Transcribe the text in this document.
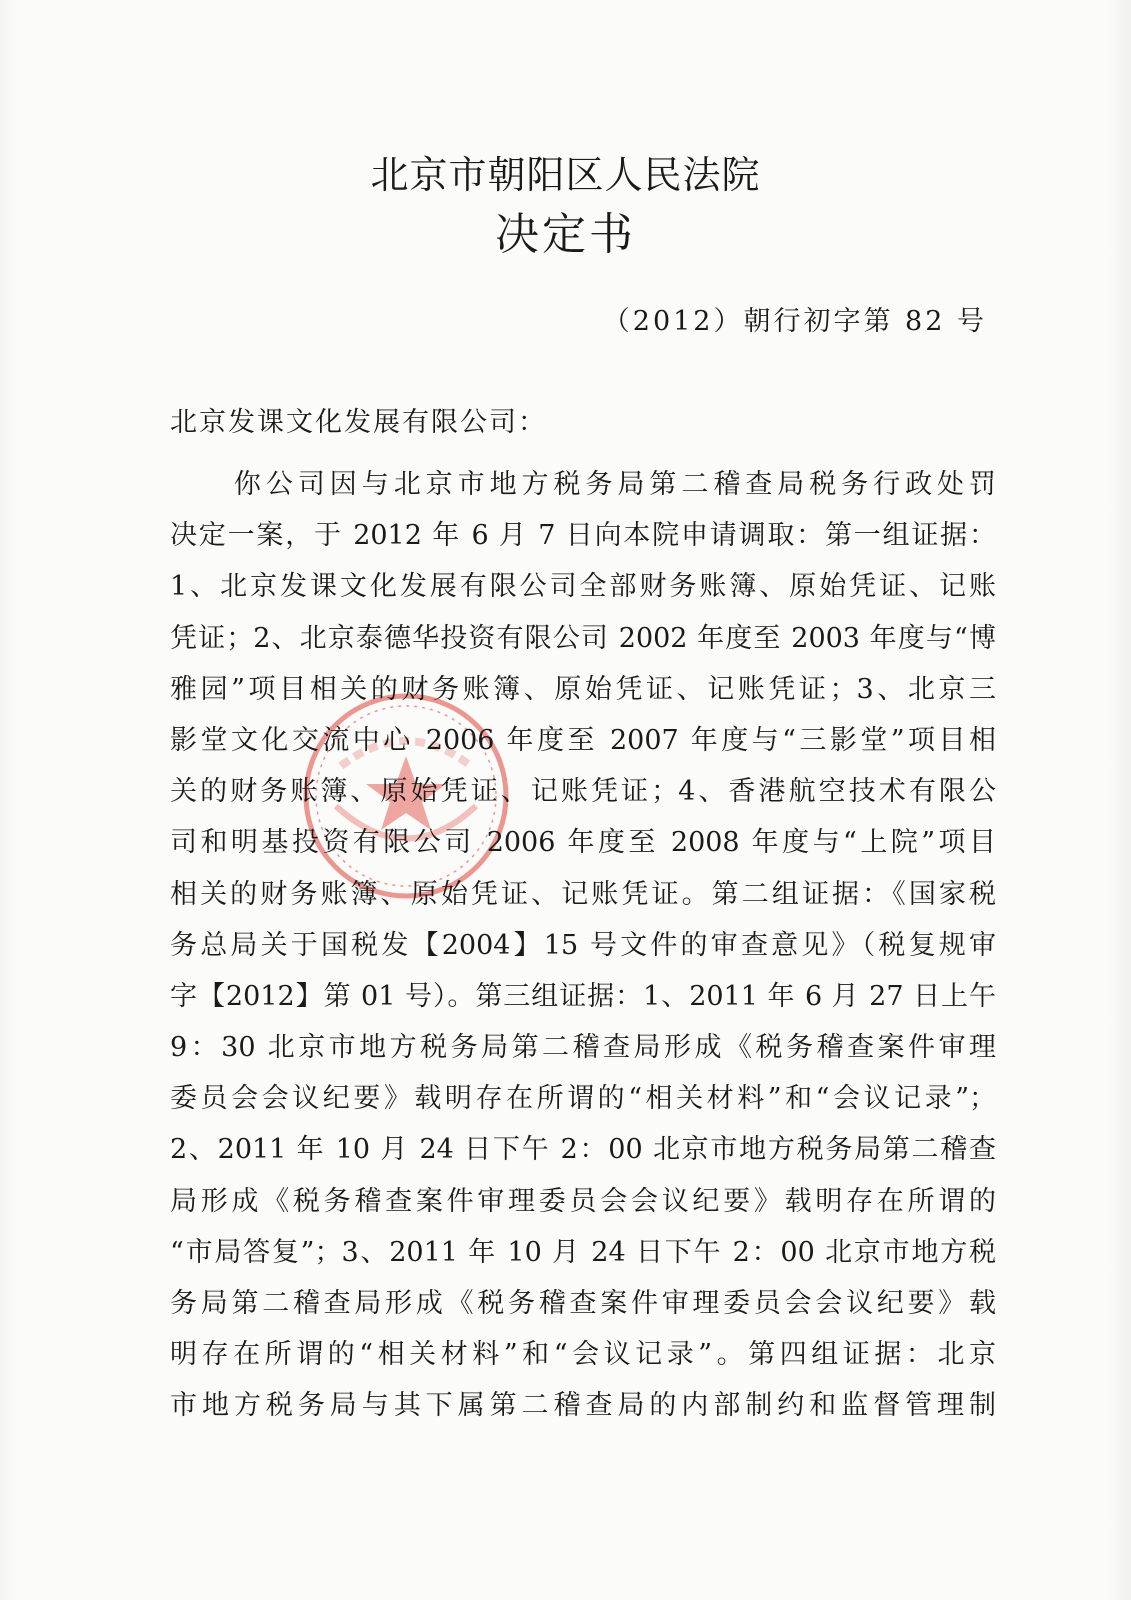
北京市朝阳区人民法院
决定书
（2012）朝行初字第 82 号
北京发课文化发展有限公司：
　　你公司因与北京市地方税务局第二稽查局税务行政处罚
决定一案，于 2012 年 6 月 7 日向本院申请调取：第一组证据：
1、北京发课文化发展有限公司全部财务账簿、原始凭证、记账
凭证；2、北京泰德华投资有限公司 2002 年度至 2003 年度与“博
雅园”项目相关的财务账簿、原始凭证、记账凭证；3、北京三
影堂文化交流中心 2006 年度至 2007 年度与“三影堂”项目相
关的财务账簿、原始凭证、记账凭证；4、香港航空技术有限公
司和明基投资有限公司 2006 年度至 2008 年度与“上院”项目
相关的财务账簿、原始凭证、记账凭证。第二组证据：《国家税
务总局关于国税发【2004】15 号文件的审查意见》（税复规审
字【2012】第 01 号）。第三组证据：1、2011 年 6 月 27 日上午
9：30 北京市地方税务局第二稽查局形成《税务稽查案件审理
委员会会议纪要》载明存在所谓的“相关材料”和“会议记录”；
2、2011 年 10 月 24 日下午 2：00 北京市地方税务局第二稽查
局形成《税务稽查案件审理委员会会议纪要》载明存在所谓的
“市局答复”；3、2011 年 10 月 24 日下午 2：00 北京市地方税
务局第二稽查局形成《税务稽查案件审理委员会会议纪要》载
明存在所谓的“相关材料”和“会议记录”。第四组证据：北京
市地方税务局与其下属第二稽查局的内部制约和监督管理制
